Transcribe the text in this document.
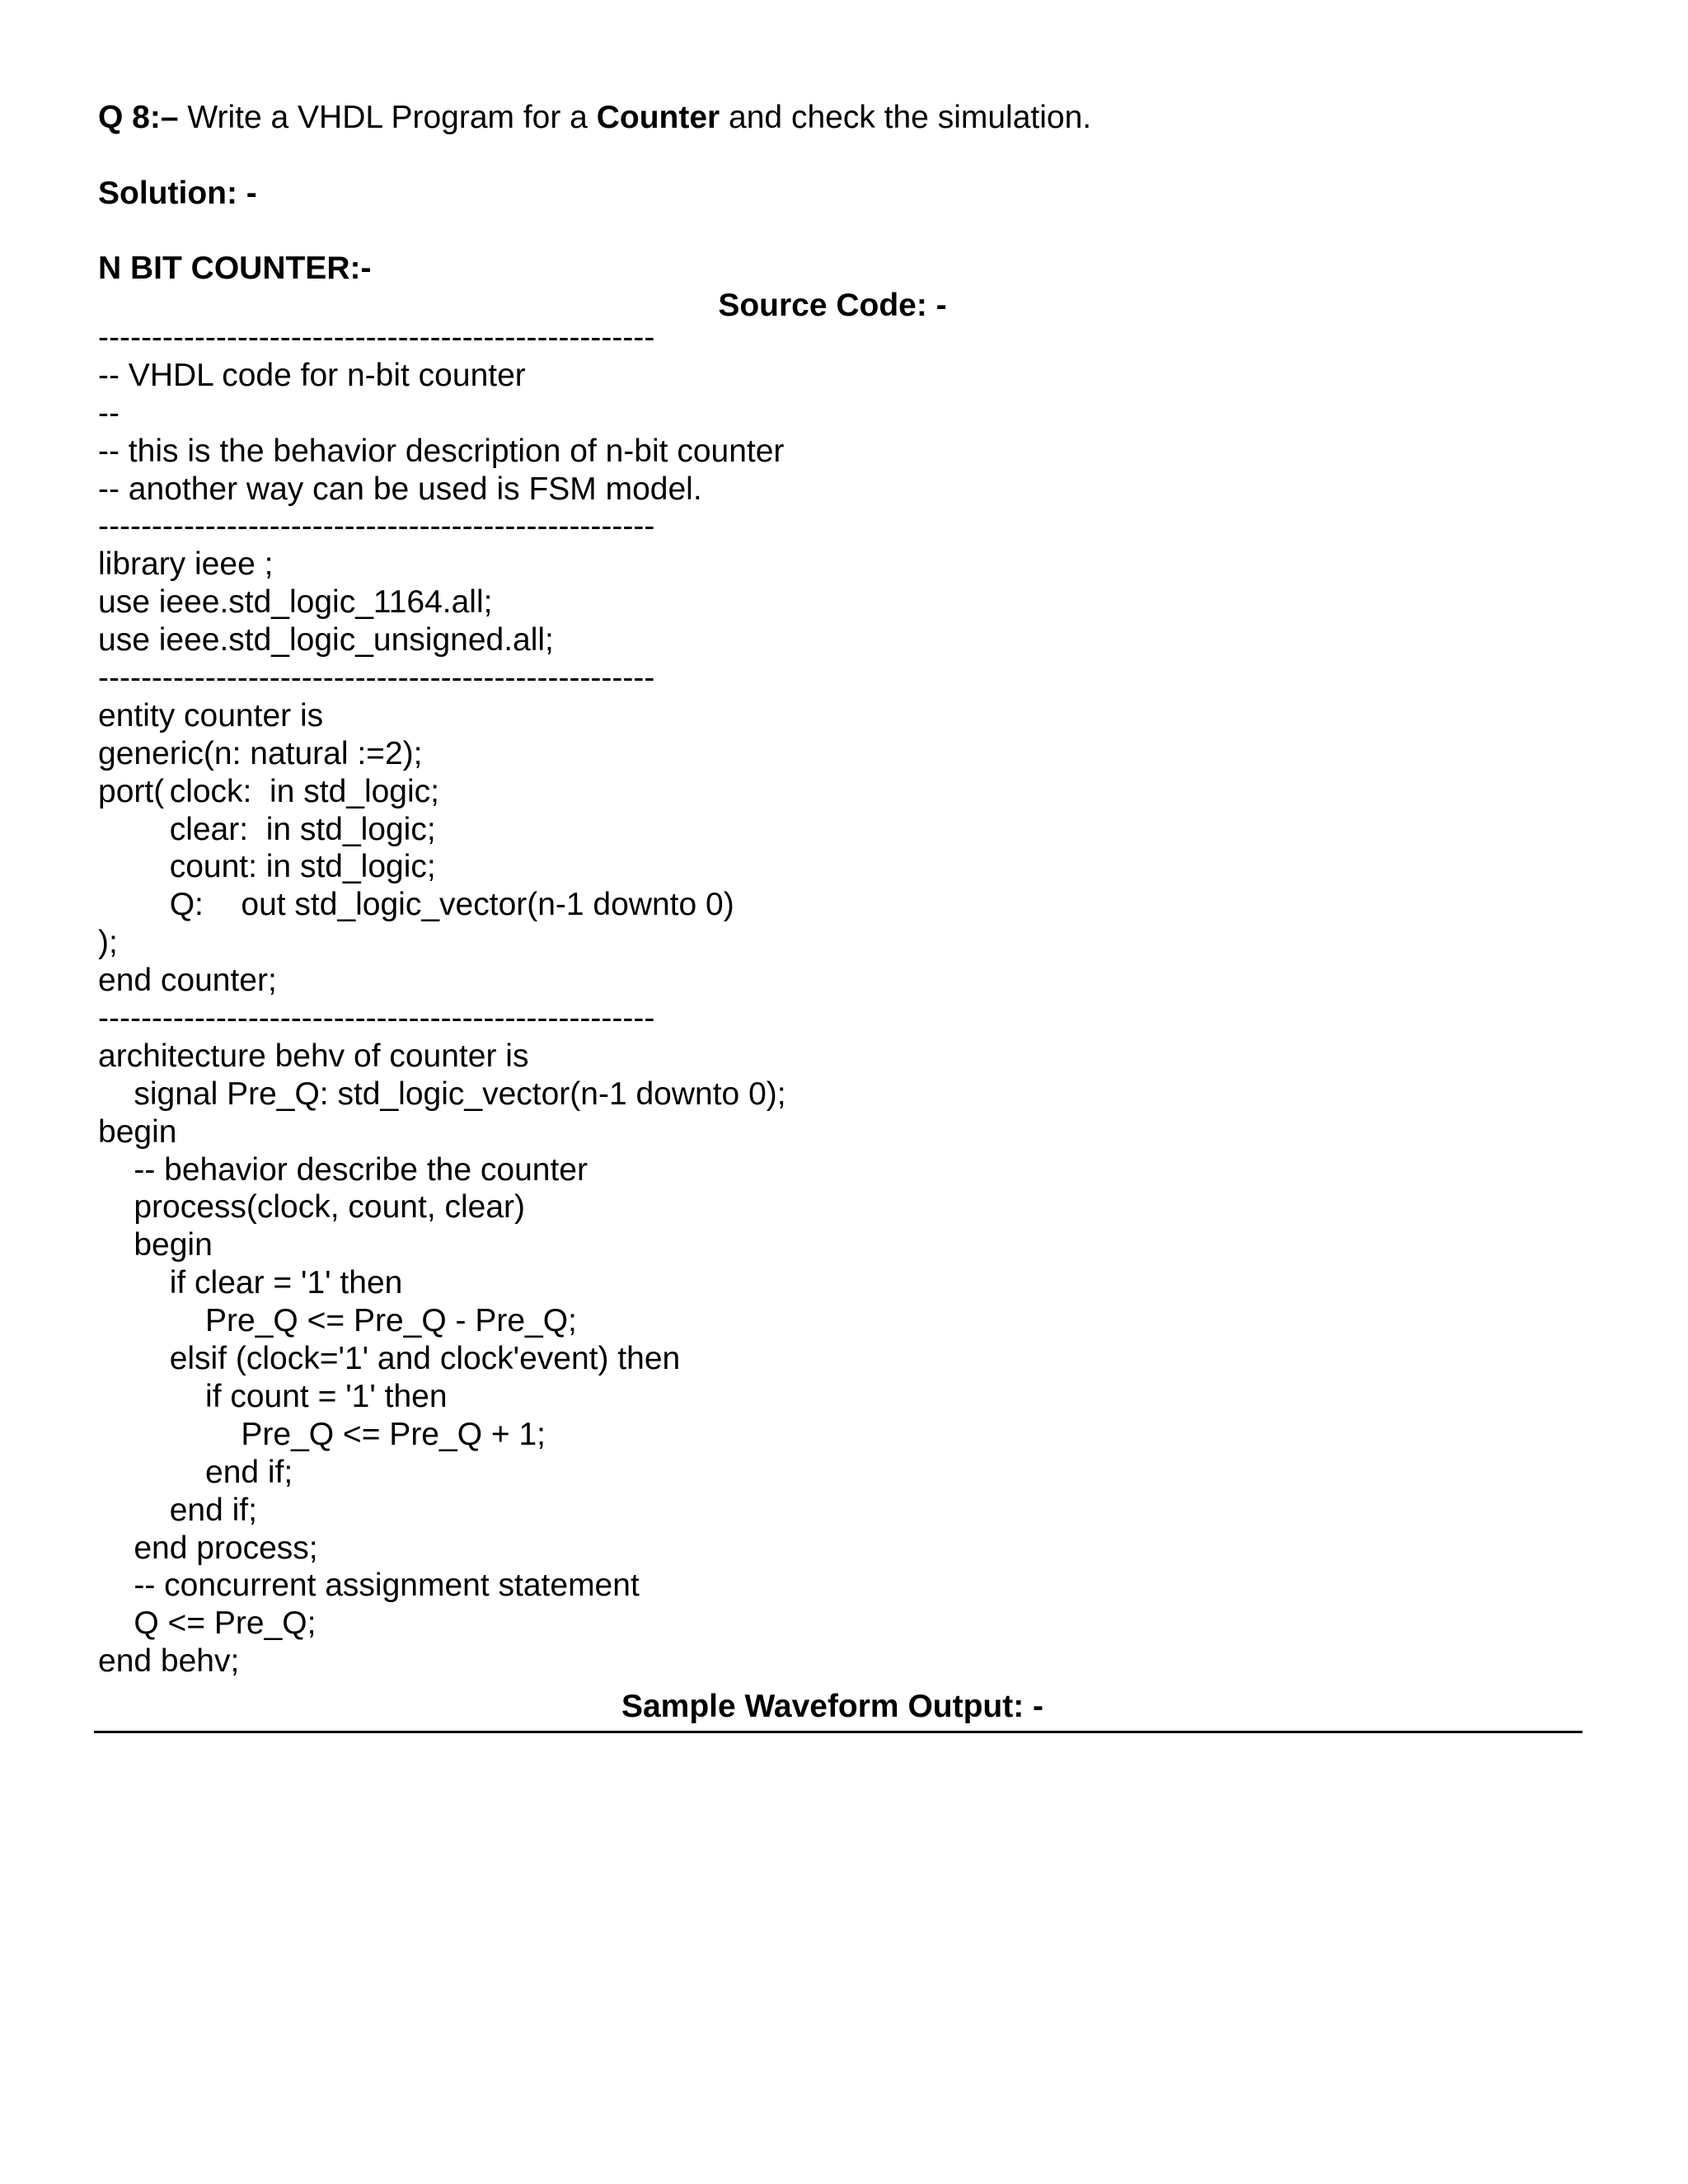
Q 8:– Write a VHDL Program for a Counter and check the simulation.
Solution: -
N BIT COUNTER:-
Source Code: -
----------------------------------------------------
-- VHDL code for n-bit counter
--
-- this is the behavior description of n-bit counter
-- another way can be used is FSM model.
----------------------------------------------------
library ieee ;
use ieee.std_logic_1164.all;
use ieee.std_logic_unsigned.all;
----------------------------------------------------
entity counter is
generic(n: natural :=2);
port(	clock:  in std_logic;
	clear:  in std_logic;
	count: in std_logic;
	Q:	out std_logic_vector(n-1 downto 0)
);
end counter;
----------------------------------------------------
architecture behv of counter is
signal Pre_Q: std_logic_vector(n-1 downto 0);
begin
-- behavior describe the counter
process(clock, count, clear)
begin
	if clear = '1' then
	Pre_Q <= Pre_Q - Pre_Q;
	elsif (clock='1' and clock'event) then
	if count = '1' then
		Pre_Q <= Pre_Q + 1;
	end if;
	end if;
end process;
-- concurrent assignment statement
Q <= Pre_Q;
end behv;
Sample Waveform Output: -
